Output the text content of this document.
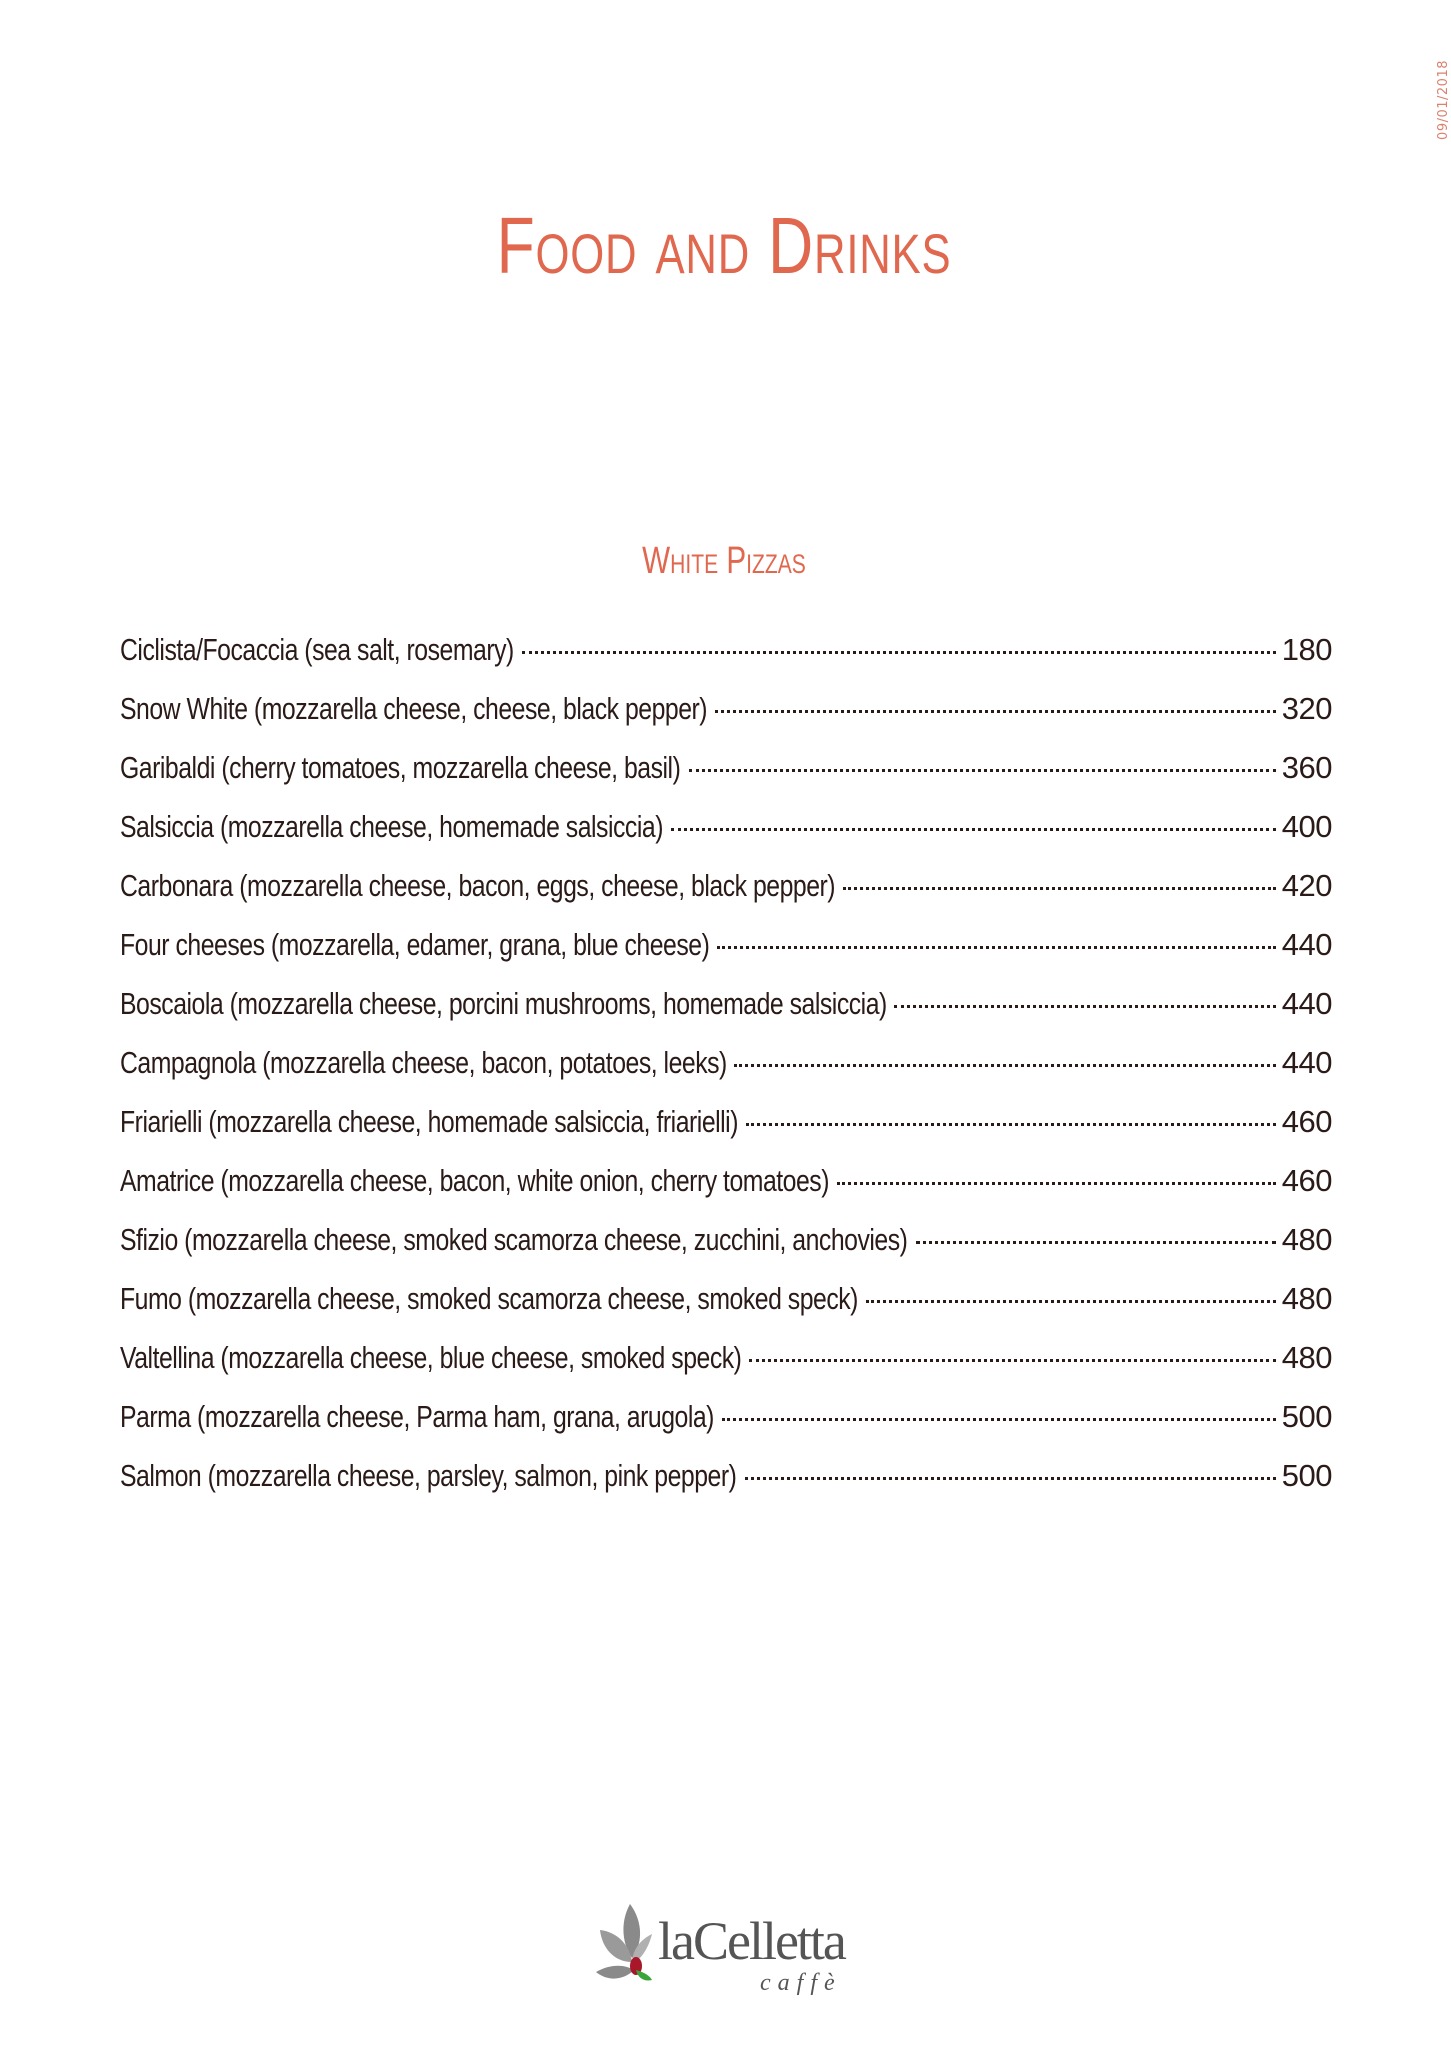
09/01/2018
Food and Drinks
White Pizzas
Ciclista/Focaccia (sea salt, rosemary)	180
Snow White (mozzarella cheese, cheese, black pepper)	320
Garibaldi (cherry tomatoes, mozzarella cheese, basil)	360
Salsiccia (mozzarella cheese, homemade salsiccia)	400
Carbonara (mozzarella cheese, bacon, eggs, cheese, black pepper)	420
Four cheeses (mozzarella, edamer, grana, blue cheese)	440
Boscaiola (mozzarella cheese, porcini mushrooms, homemade salsiccia)	440
Campagnola (mozzarella cheese, bacon, potatoes, leeks)	440
Friarielli (mozzarella cheese, homemade salsiccia, friarielli)	460
Amatrice (mozzarella cheese, bacon, white onion, cherry tomatoes)	460
Sfizio (mozzarella cheese, smoked scamorza cheese, zucchini, anchovies)	480
Fumo (mozzarella cheese, smoked scamorza cheese, smoked speck)	480
Valtellina (mozzarella cheese, blue cheese, smoked speck)	480
Parma (mozzarella cheese, Parma ham, grana, arugola)	500
Salmon (mozzarella cheese, parsley, salmon, pink pepper)	500
laCelletta
caffè
